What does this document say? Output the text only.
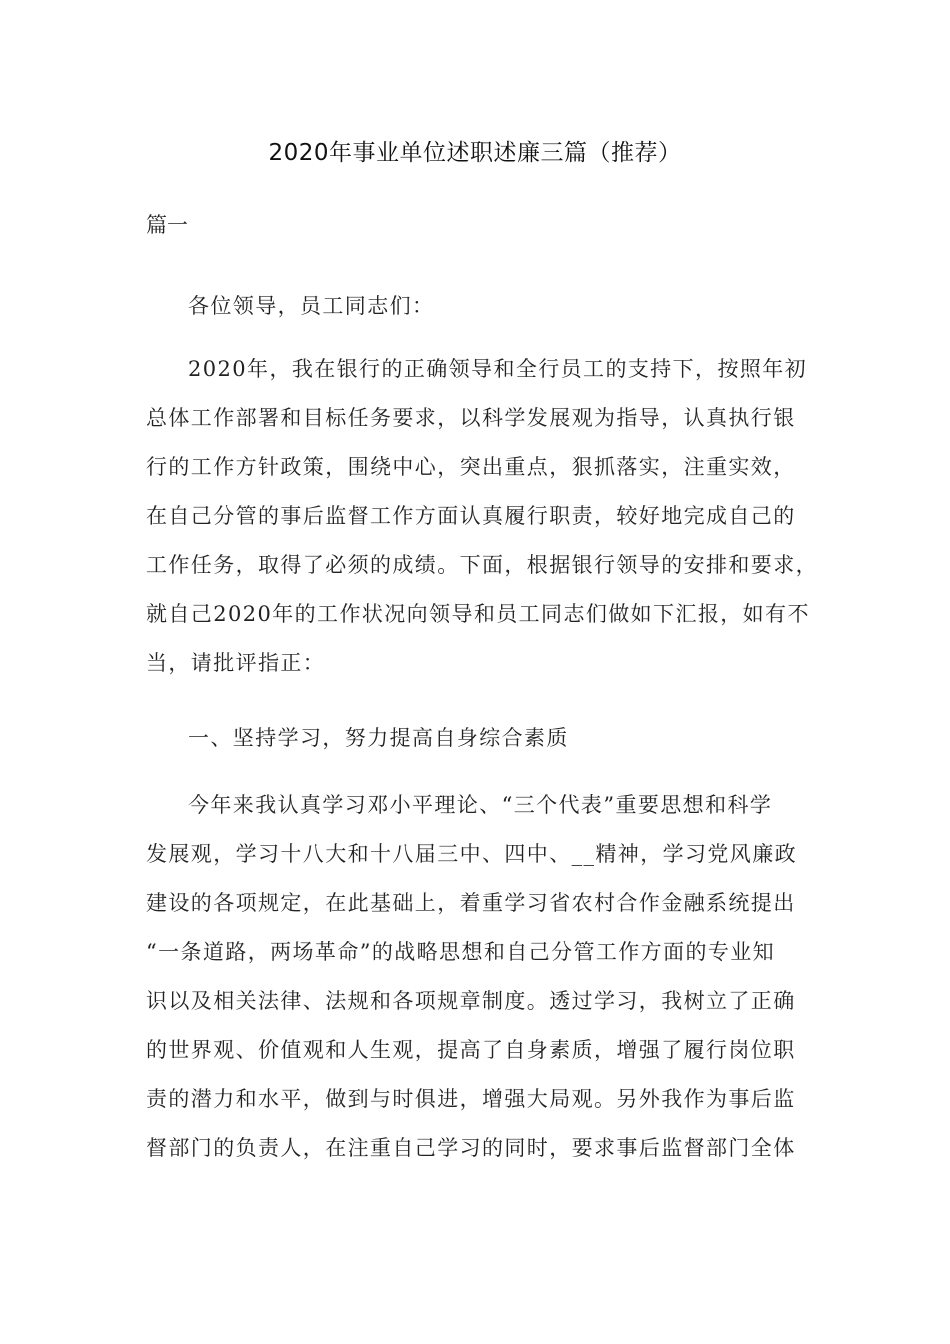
2020年事业单位述职述廉三篇（推荐）
篇一
各位领导，员工同志们：
2020年，我在银行的正确领导和全行员工的支持下，按照年初
总体工作部署和目标任务要求，以科学发展观为指导，认真执行银
行的工作方针政策，围绕中心，突出重点，狠抓落实，注重实效，
在自己分管的事后监督工作方面认真履行职责，较好地完成自己的
工作任务，取得了必须的成绩。下面，根据银行领导的安排和要求，
就自己2020年的工作状况向领导和员工同志们做如下汇报，如有不
当，请批评指正：
一、坚持学习，努力提高自身综合素质
今年来我认真学习邓小平理论、“三个代表”重要思想和科学
发展观，学习十八大和十八届三中、四中、__精神，学习党风廉政
建设的各项规定，在此基础上，着重学习省农村合作金融系统提出
“一条道路，两场革命”的战略思想和自己分管工作方面的专业知
识以及相关法律、法规和各项规章制度。透过学习，我树立了正确
的世界观、价值观和人生观，提高了自身素质，增强了履行岗位职
责的潜力和水平，做到与时俱进，增强大局观。另外我作为事后监
督部门的负责人，在注重自己学习的同时，要求事后监督部门全体
